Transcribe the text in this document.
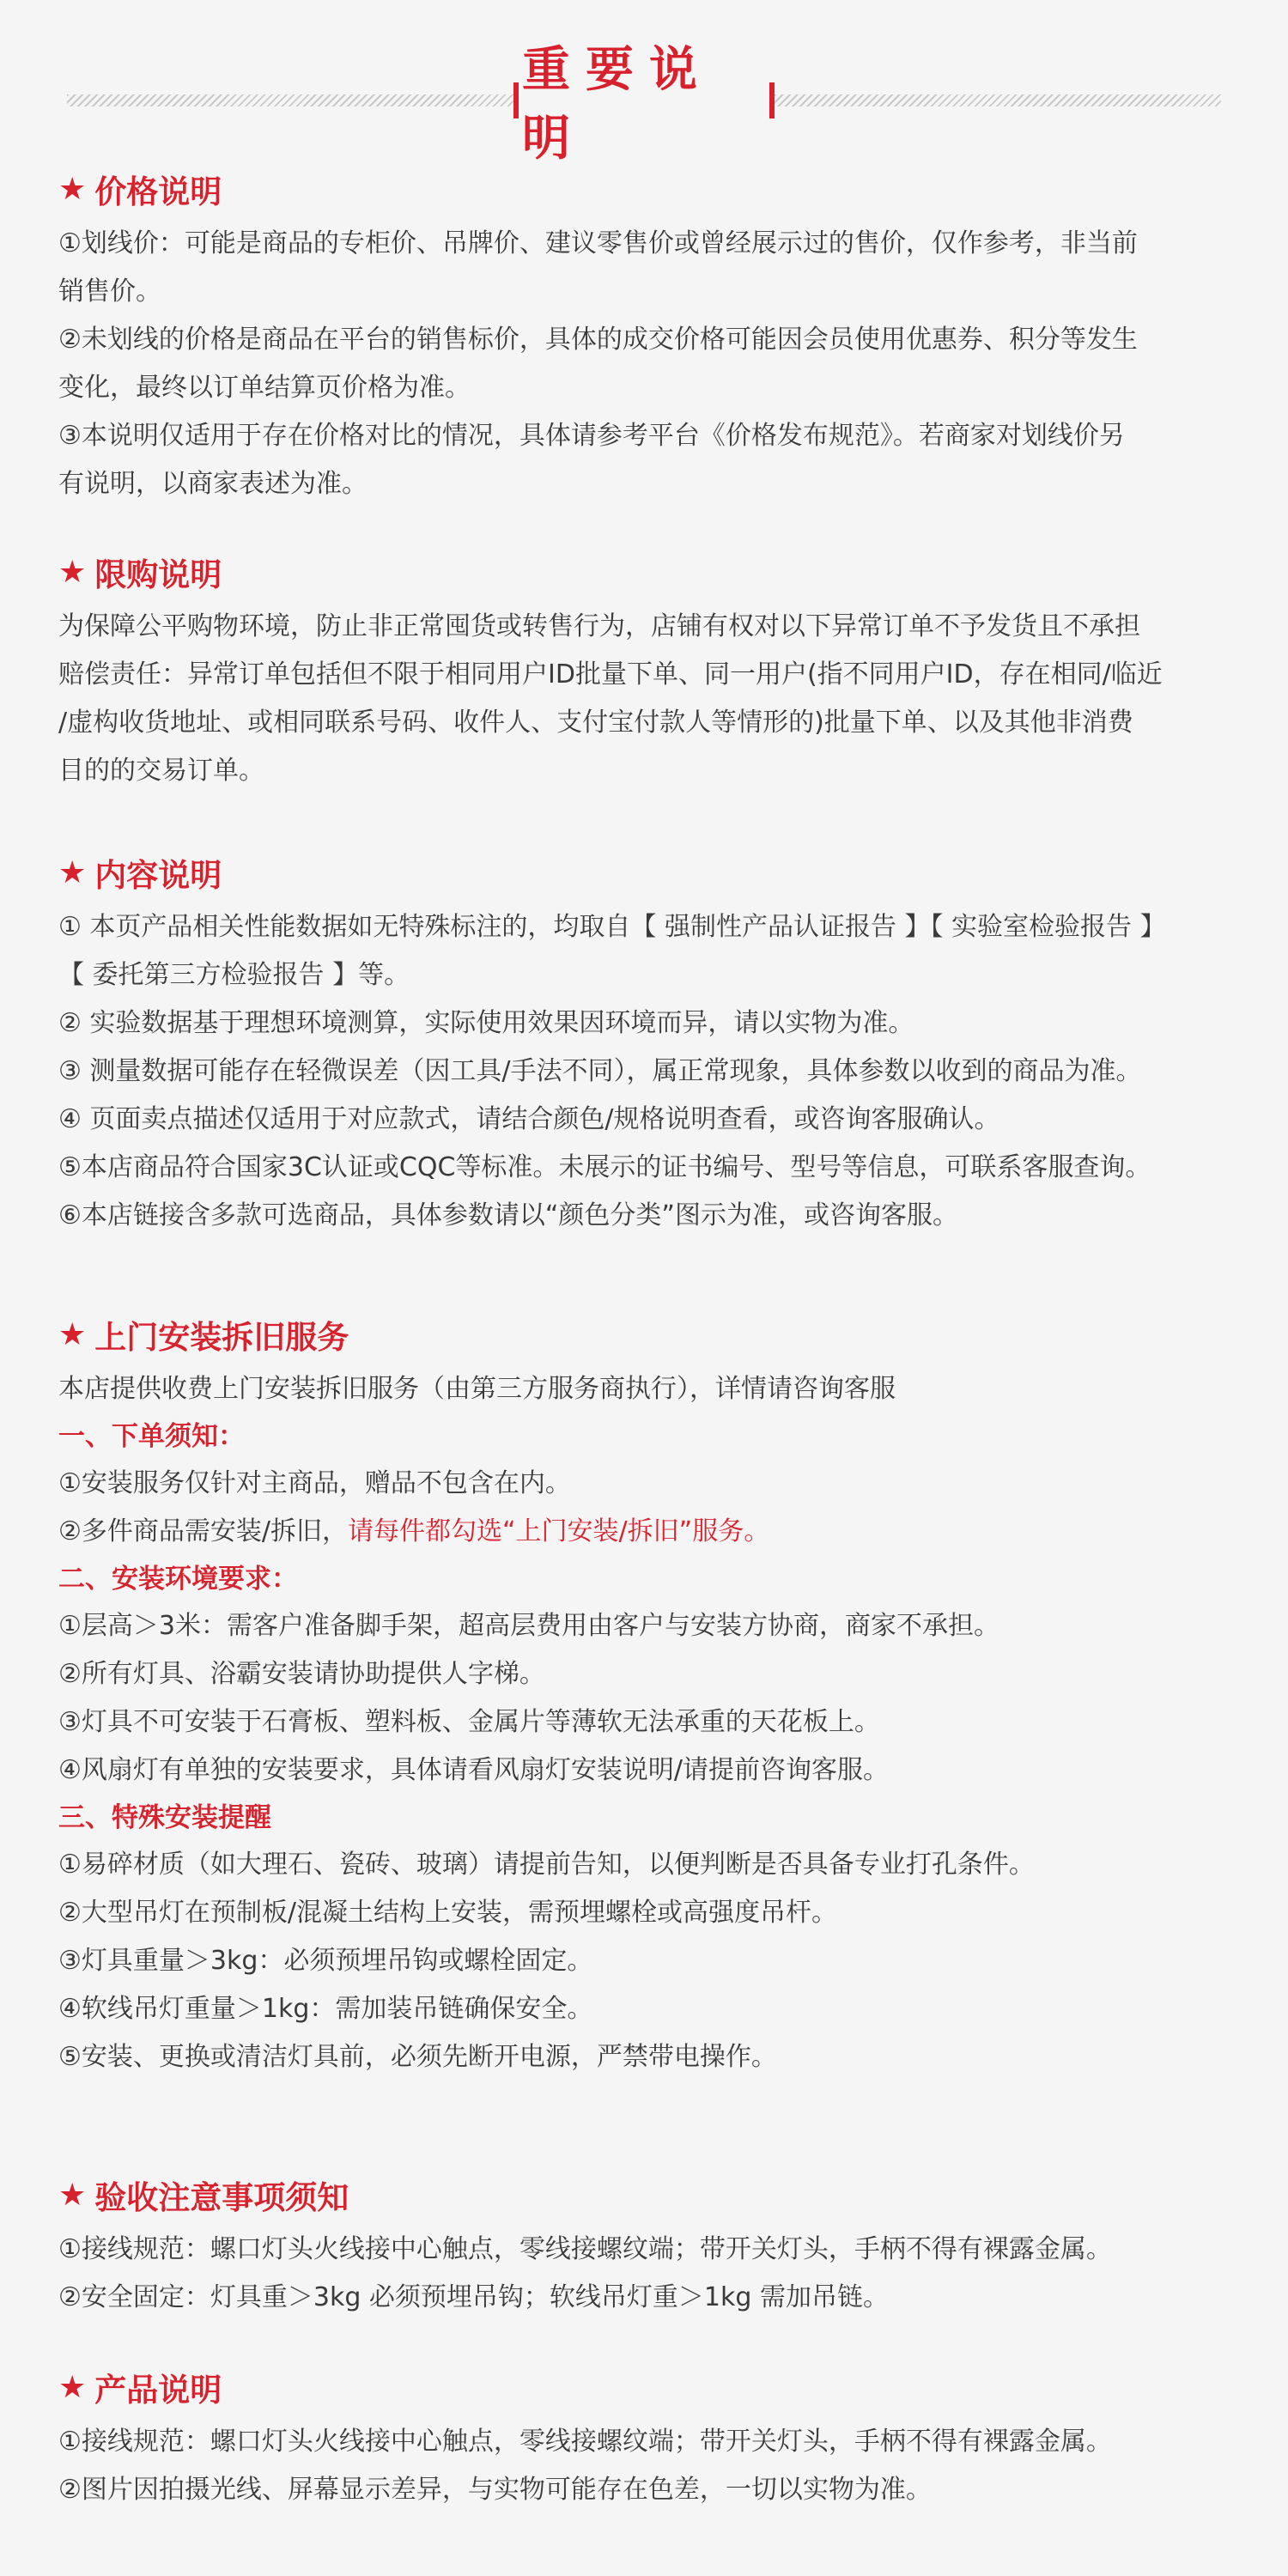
重要说明
★ 价格说明
①划线价：可能是商品的专柜价、吊牌价、建议零售价或曾经展示过的售价，仅作参考，非当前
销售价。
②未划线的价格是商品在平台的销售标价，具体的成交价格可能因会员使用优惠券、积分等发生
变化，最终以订单结算页价格为准。
③本说明仅适用于存在价格对比的情况，具体请参考平台《价格发布规范》。若商家对划线价另
有说明，以商家表述为准。
★ 限购说明
为保障公平购物环境，防止非正常囤货或转售行为，店铺有权对以下异常订单不予发货且不承担
赔偿责任：异常订单包括但不限于相同用户ID批量下单、同一用户(指不同用户ID，存在相同/临近
/虚构收货地址、或相同联系号码、收件人、支付宝付款人等情形的)批量下单、以及其他非消费
目的的交易订单。
★ 内容说明
① 本页产品相关性能数据如无特殊标注的，均取自【 强制性产品认证报告 】【 实验室检验报告 】
【 委托第三方检验报告 】等。
② 实验数据基于理想环境测算，实际使用效果因环境而异，请以实物为准。
③ 测量数据可能存在轻微误差（因工具/手法不同），属正常现象，具体参数以收到的商品为准。
④ 页面卖点描述仅适用于对应款式，请结合颜色/规格说明查看，或咨询客服确认。
⑤本店商品符合国家3C认证或CQC等标准。未展示的证书编号、型号等信息，可联系客服查询。
⑥本店链接含多款可选商品，具体参数请以“颜色分类”图示为准，或咨询客服。
★ 上门安装拆旧服务
本店提供收费上门安装拆旧服务（由第三方服务商执行），详情请咨询客服
一、下单须知：
①安装服务仅针对主商品，赠品不包含在内。
②多件商品需安装/拆旧，请每件都勾选“上门安装/拆旧”服务。
二、安装环境要求：
①层高＞3米：需客户准备脚手架，超高层费用由客户与安装方协商，商家不承担。
②所有灯具、浴霸安装请协助提供人字梯。
③灯具不可安装于石膏板、塑料板、金属片等薄软无法承重的天花板上。
④风扇灯有单独的安装要求，具体请看风扇灯安装说明/请提前咨询客服。
三、特殊安装提醒
①易碎材质（如大理石、瓷砖、玻璃）请提前告知，以便判断是否具备专业打孔条件。
②大型吊灯在预制板/混凝土结构上安装，需预埋螺栓或高强度吊杆。
③灯具重量＞3kg：必须预埋吊钩或螺栓固定。
④软线吊灯重量＞1kg：需加装吊链确保安全。
⑤安装、更换或清洁灯具前，必须先断开电源，严禁带电操作。
★ 验收注意事项须知
①接线规范：螺口灯头火线接中心触点，零线接螺纹端；带开关灯头，手柄不得有裸露金属。
②安全固定：灯具重＞3kg 必须预埋吊钩；软线吊灯重＞1kg 需加吊链。
★ 产品说明
①接线规范：螺口灯头火线接中心触点，零线接螺纹端；带开关灯头，手柄不得有裸露金属。
②图片因拍摄光线、屏幕显示差异，与实物可能存在色差，一切以实物为准。
